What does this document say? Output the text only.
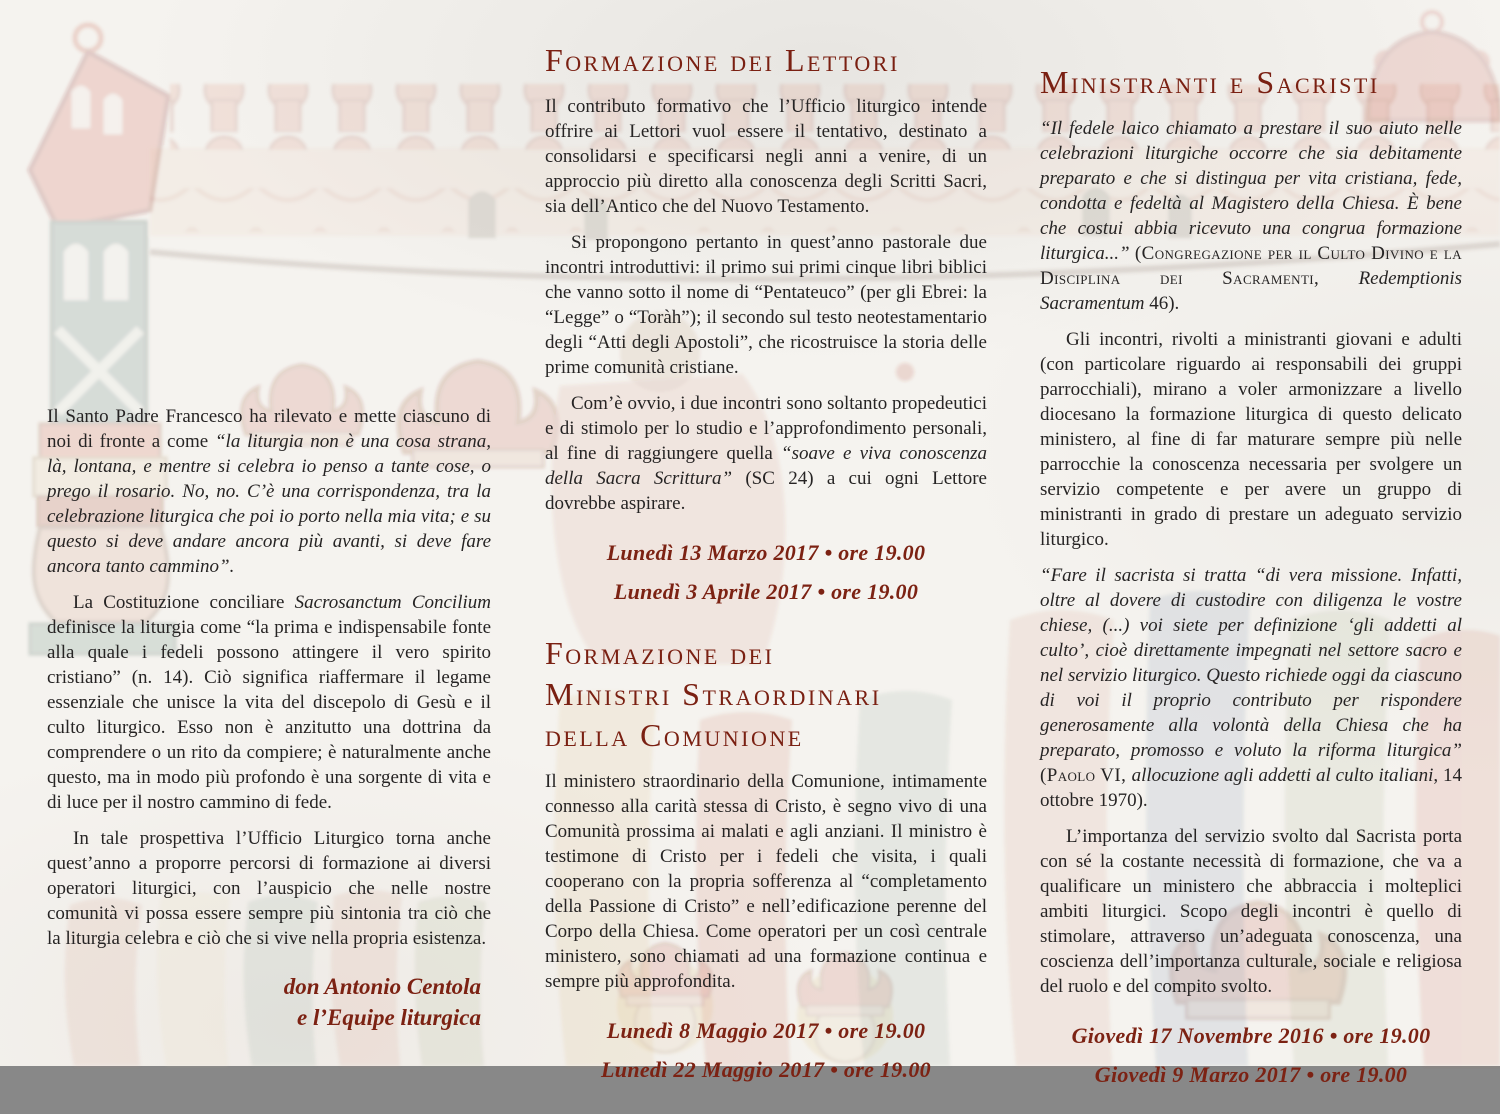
Il Santo Padre Francesco ha rilevato e mette ciascuno di noi di fronte a come “la liturgia non è una cosa strana, là, lontana, e mentre si celebra io penso a tante cose, o prego il rosario. No, no. C’è una corrispondenza, tra la celebrazione liturgica che poi io porto nella mia vita; e su questo si deve andare ancora più avanti, si deve fare ancora tanto cammino”.

La Costituzione conciliare Sacrosanctum Concilium definisce la liturgia come “la prima e indispensabile fonte alla quale i fedeli possono attingere il vero spirito cristiano” (n. 14). Ciò significa riaffermare il legame essenziale che unisce la vita del discepolo di Gesù e il culto liturgico. Esso non è anzitutto una dottrina da comprendere o un rito da compiere; è naturalmente anche questo, ma in modo più profondo è una sorgente di vita e di luce per il nostro cammino di fede.

In tale prospettiva l’Ufficio Liturgico torna anche quest’anno a proporre percorsi di formazione ai diversi operatori liturgici, con l’auspicio che nelle nostre comunità vi possa essere sempre più sintonia tra ciò che la liturgia celebra e ciò che si vive nella propria esistenza.

don Antonio Centola
e l’Equipe liturgica
Formazione dei Lettori

Il contributo formativo che l’Ufficio liturgico intende offrire ai Lettori vuol essere il tentativo, destinato a consolidarsi e specificarsi negli anni a venire, di un approccio più diretto alla conoscenza degli Scritti Sacri, sia dell’Antico che del Nuovo Testamento.

Si propongono pertanto in quest’anno pastorale due incontri introduttivi: il primo sui primi cinque libri biblici che vanno sotto il nome di “Pentateuco” (per gli Ebrei: la “Legge” o “Toràh”); il secondo sul testo neotestamentario degli “Atti degli Apostoli”, che ricostruisce la storia delle prime comunità cristiane.

Com’è ovvio, i due incontri sono soltanto propedeutici e di stimolo per lo studio e l’approfondimento personali, al fine di raggiungere quella “soave e viva conoscenza della Sacra Scrittura” (SC 24) a cui ogni Lettore dovrebbe aspirare.

Lunedì 13 Marzo 2017 • ore 19.00
Lunedì 3 Aprile 2017 • ore 19.00
Formazione dei
Ministri Straordinari
della Comunione

Il ministero straordinario della Comunione, intimamente connesso alla carità stessa di Cristo, è segno vivo di una Comunità prossima ai malati e agli anziani. Il ministro è testimone di Cristo per i fedeli che visita, i quali cooperano con la propria sofferenza al “completamento della Passione di Cristo” e nell’edificazione perenne del Corpo della Chiesa. Come operatori per un così centrale ministero, sono chiamati ad una formazione continua e sempre più approfondita.

Lunedì 8 Maggio 2017 • ore 19.00
Lunedì 22 Maggio 2017 • ore 19.00
Ministranti e Sacristi

“Il fedele laico chiamato a prestare il suo aiuto nelle celebrazioni liturgiche occorre che sia debitamente preparato e che si distingua per vita cristiana, fede, condotta e fedeltà al Magistero della Chiesa. È bene che costui abbia ricevuto una congrua formazione liturgica...” (Congregazione per il Culto Divino e la Disciplina dei Sacramenti, Redemptionis Sacramentum 46).

Gli incontri, rivolti a ministranti giovani e adulti (con particolare riguardo ai responsabili dei gruppi parrocchiali), mirano a voler armonizzare a livello diocesano la formazione liturgica di questo delicato ministero, al fine di far maturare sempre più nelle parrocchie la conoscenza necessaria per svolgere un servizio competente e per avere un gruppo di ministranti in grado di prestare un adeguato servizio liturgico.

“Fare il sacrista si tratta “di vera missione. Infatti, oltre al dovere di custodire con diligenza le vostre chiese, (...) voi siete per definizione ‘gli addetti al culto’, cioè direttamente impegnati nel settore sacro e nel servizio liturgico. Questo richiede oggi da ciascuno di voi il proprio contributo per rispondere generosamente alla volontà della Chiesa che ha preparato, promosso e voluto la riforma liturgica” (Paolo VI, allocuzione agli addetti al culto italiani, 14 ottobre 1970).

L’importanza del servizio svolto dal Sacrista porta con sé la costante necessità di formazione, che va a qualificare un ministero che abbraccia i molteplici ambiti liturgici. Scopo degli incontri è quello di stimolare, attraverso un’adeguata conoscenza, una coscienza dell’importanza culturale, sociale e religiosa del ruolo e del compito svolto.

Giovedì 17 Novembre 2016 • ore 19.00
Giovedì 9 Marzo 2017 • ore 19.00
